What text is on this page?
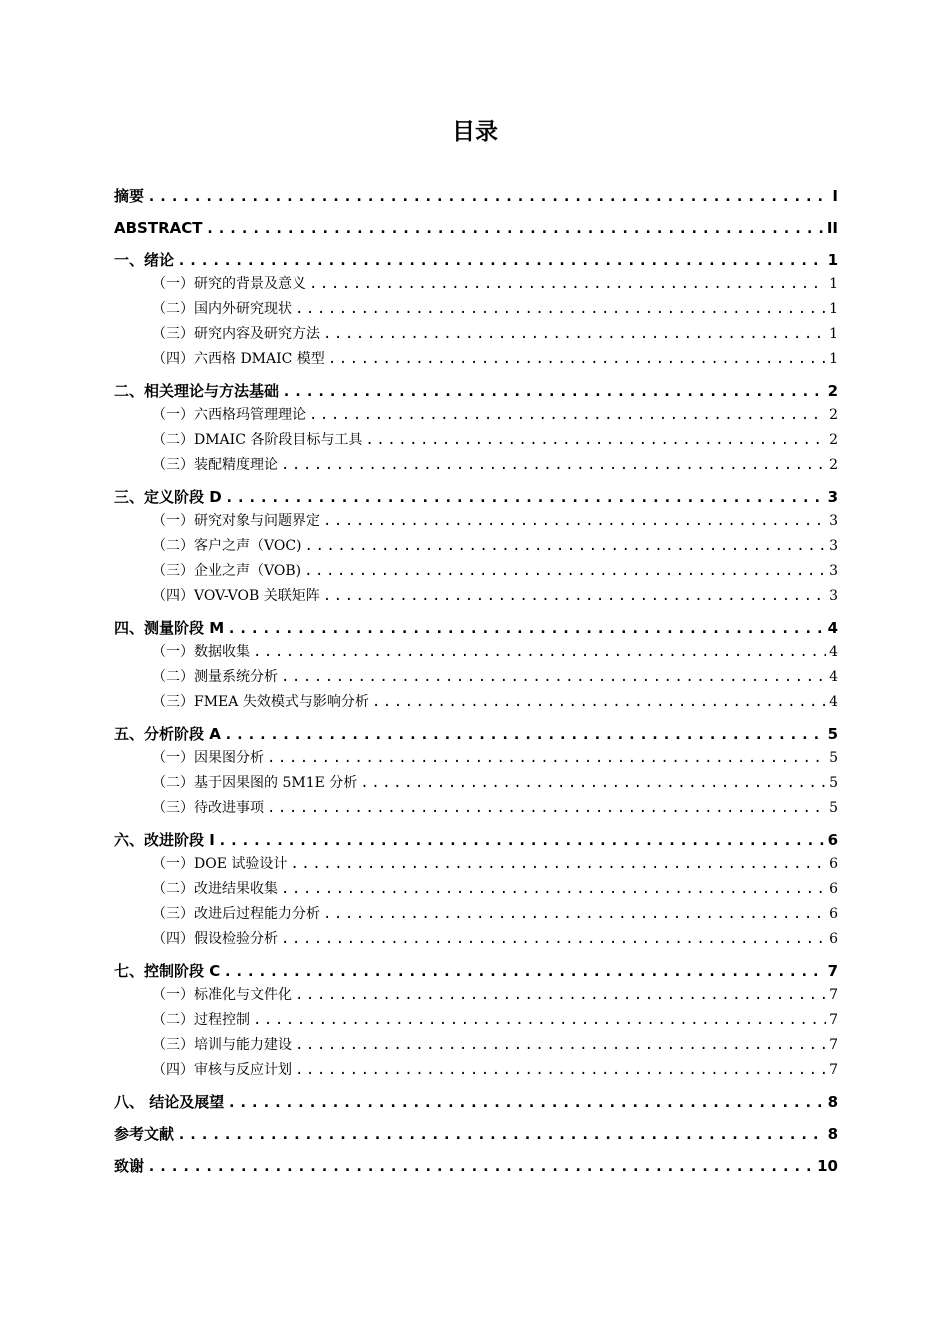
目录
摘要 .....	I
ABSTRACT .....	II
一、绪论 .....	1
（一）研究的背景及意义 .....	1
（二）国内外研究现状 .....	1
（三）研究内容及研究方法 .....	1
（四）六西格 DMAIC 模型 .....	1
二、相关理论与方法基础 .....	2
（一）六西格玛管理理论 .....	2
（二）DMAIC 各阶段目标与工具 .....	2
（三）装配精度理论 .....	2
三、定义阶段 D .....	3
（一）研究对象与问题界定 .....	3
（二）客户之声（VOC) .....	3
（三）企业之声（VOB) .....	3
（四）VOV-VOB 关联矩阵 .....	3
四、测量阶段 M .....	4
（一）数据收集 .....	4
（二）测量系统分析 .....	4
（三）FMEA 失效模式与影响分析 .....	4
五、分析阶段 A .....	5
（一）因果图分析 .....	5
（二）基于因果图的 5M1E 分析 .....	5
（三）待改进事项 .....	5
六、改进阶段 I .....	6
（一）DOE 试验设计 .....	6
（二）改进结果收集 .....	6
（三）改进后过程能力分析 .....	6
（四）假设检验分析 .....	6
七、控制阶段 C .....	7
（一）标准化与文件化 .....	7
（二）过程控制 .....	7
（三）培训与能力建设 .....	7
（四）审核与反应计划 .....	7
八、 结论及展望 .....	8
参考文献 .....	8
致谢 .....	10
